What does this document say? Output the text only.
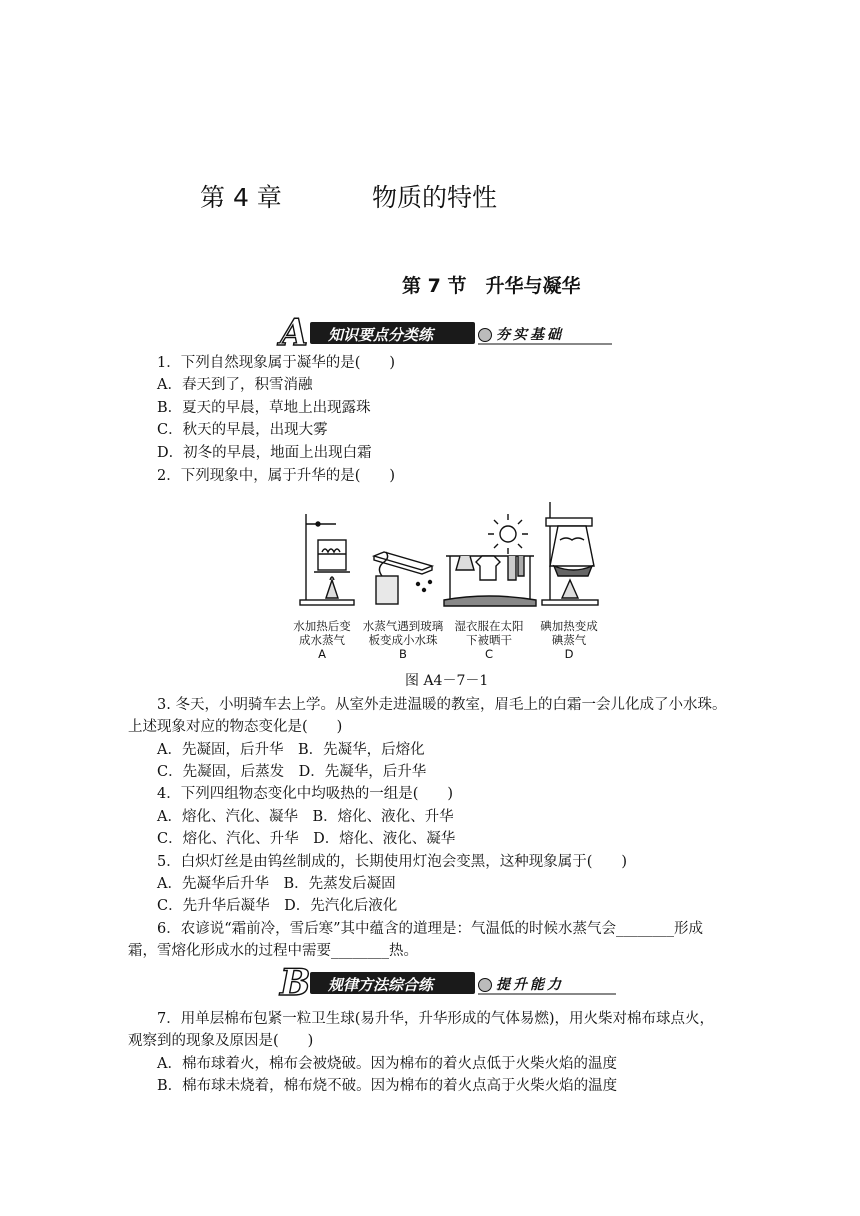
第 4 章	物质的特性
第 7 节　升华与凝华
A 知识要点分类练	夯实基础
1．下列自然现象属于凝华的是(　　)
A．春天到了，积雪消融
B．夏天的早晨，草地上出现露珠
C．秋天的早晨，出现大雾
D．初冬的早晨，地面上出现白霜
2．下列现象中，属于升华的是(　　)
水加热后变
成水蒸气
A
水蒸气遇到玻璃
板变成小水珠
B
湿衣服在太阳
下被晒干
C
碘加热变成
碘蒸气
D
图 A4－7－1
3. 冬天，小明骑车去上学。从室外走进温暖的教室，眉毛上的白霜一会儿化成了小水珠。
上述现象对应的物态变化是(　　)
A．先凝固，后升华　B．先凝华，后熔化
C．先凝固，后蒸发　D．先凝华，后升华
4．下列四组物态变化中均吸热的一组是(　　)
A．熔化、汽化、凝华　B．熔化、液化、升华
C．熔化、汽化、升华　D．熔化、液化、凝华
5．白炽灯丝是由钨丝制成的，长期使用灯泡会变黑，这种现象属于(　　)
A．先凝华后升华　B．先蒸发后凝固
C．先升华后凝华　D．先汽化后液化
6．农谚说“霜前冷，雪后寒”其中蕴含的道理是：气温低的时候水蒸气会________形成
霜，雪熔化形成水的过程中需要________热。
B 规律方法综合练	提升能力
7．用单层棉布包紧一粒卫生球(易升华，升华形成的气体易燃)，用火柴对棉布球点火，
观察到的现象及原因是(　　)
A．棉布球着火，棉布会被烧破。因为棉布的着火点低于火柴火焰的温度
B．棉布球未烧着，棉布烧不破。因为棉布的着火点高于火柴火焰的温度
